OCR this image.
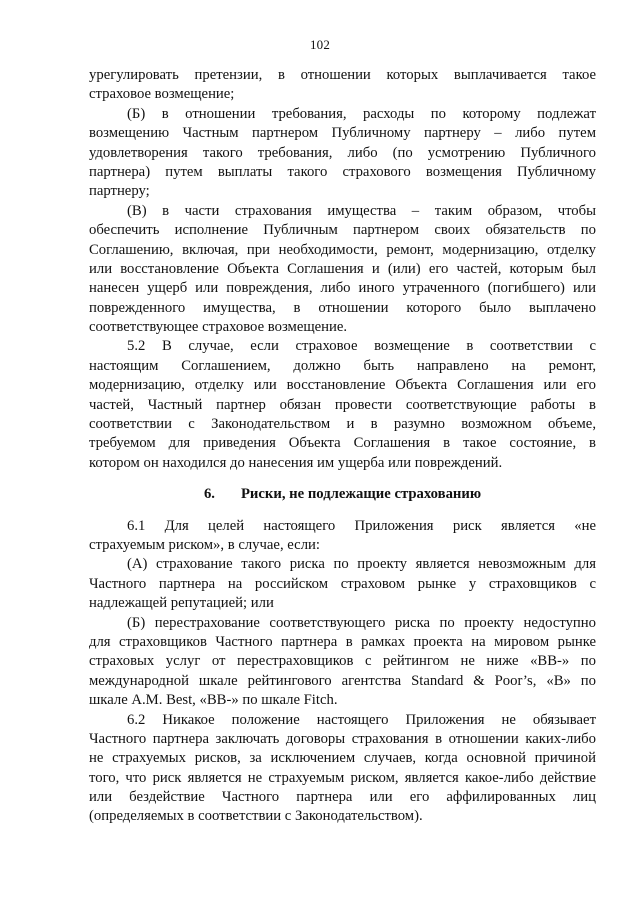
102
урегулировать претензии, в отношении которых выплачивается такое
страховое возмещение;
(Б) в отношении требования, расходы по которому подлежат
возмещению Частным партнером Публичному партнеру – либо путем
удовлетворения такого требования, либо (по усмотрению Публичного
партнера) путем выплаты такого страхового возмещения Публичному
партнеру;
(В) в части страхования имущества – таким образом, чтобы
обеспечить исполнение Публичным партнером своих обязательств по
Соглашению, включая, при необходимости, ремонт, модернизацию, отделку
или восстановление Объекта Соглашения и (или) его частей, которым был
нанесен ущерб или повреждения, либо иного утраченного (погибшего) или
поврежденного имущества, в отношении которого было выплачено
соответствующее страховое возмещение.
5.2 В случае, если страховое возмещение в соответствии с
настоящим Соглашением, должно быть направлено на ремонт,
модернизацию, отделку или восстановление Объекта Соглашения или его
частей, Частный партнер обязан провести соответствующие работы в
соответствии с Законодательством и в разумно возможном объеме,
требуемом для приведения Объекта Соглашения в такое состояние, в
котором он находился до нанесения им ущерба или повреждений.
6. Риски, не подлежащие страхованию
6.1 Для целей настоящего Приложения риск является «не
страхуемым риском», в случае, если:
(А) страхование такого риска по проекту является невозможным для
Частного партнера на российском страховом рынке у страховщиков с
надлежащей репутацией; или
(Б) перестрахование соответствующего риска по проекту недоступно
для страховщиков Частного партнера в рамках проекта на мировом рынке
страховых услуг от перестраховщиков с рейтингом не ниже «BB-» по
международной шкале рейтингового агентства Standard & Poor’s, «B» по
шкале A.M. Best, «BB-» по шкале Fitch.
6.2 Никакое положение настоящего Приложения не обязывает
Частного партнера заключать договоры страхования в отношении каких-либо
не страхуемых рисков, за исключением случаев, когда основной причиной
того, что риск является не страхуемым риском, является какое-либо действие
или бездействие Частного партнера или его аффилированных лиц
(определяемых в соответствии с Законодательством).
